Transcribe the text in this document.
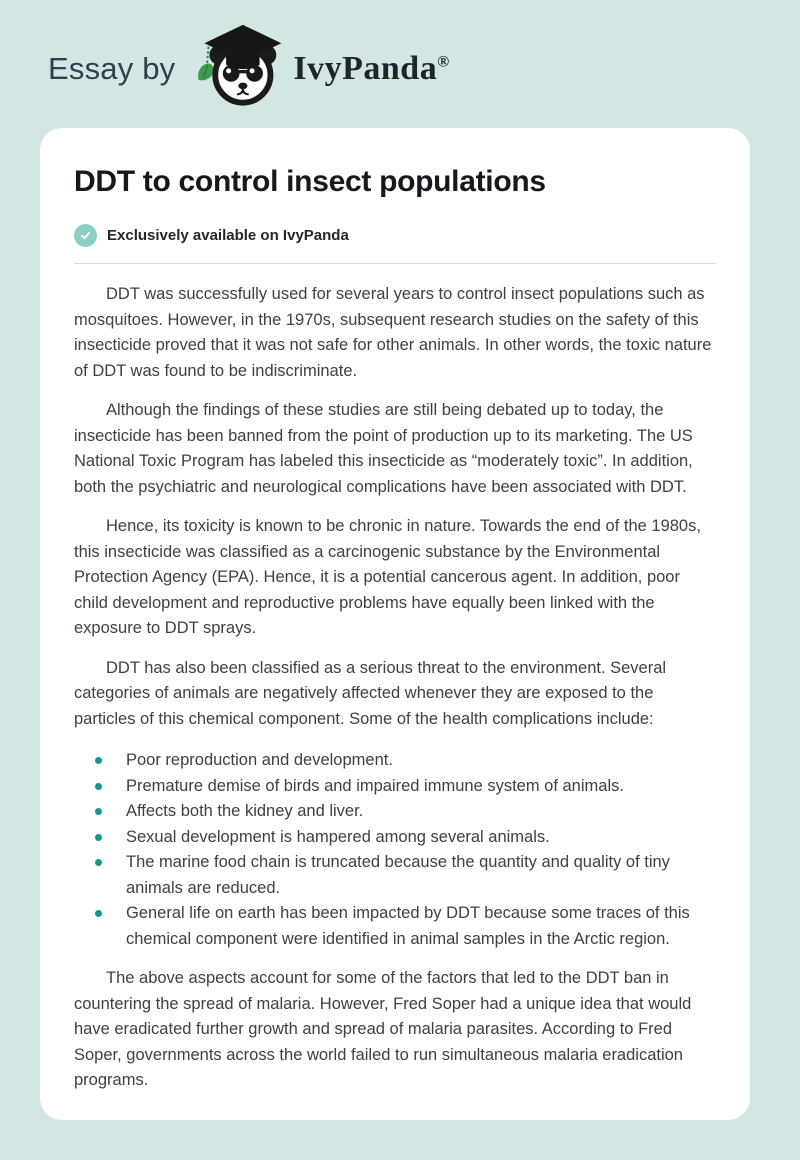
Essay by	IvyPanda®
DDT to control insect populations
Exclusively available on IvyPanda

DDT was successfully used for several years to control insect populations such as mosquitoes. However, in the 1970s, subsequent research studies on the safety of this insecticide proved that it was not safe for other animals. In other words, the toxic nature of DDT was found to be indiscriminate.

Although the findings of these studies are still being debated up to today, the insecticide has been banned from the point of production up to its marketing. The US National Toxic Program has labeled this insecticide as “moderately toxic”. In addition, both the psychiatric and neurological complications have been associated with DDT.

Hence, its toxicity is known to be chronic in nature. Towards the end of the 1980s, this insecticide was classified as a carcinogenic substance by the Environmental Protection Agency (EPA). Hence, it is a potential cancerous agent. In addition, poor child development and reproductive problems have equally been linked with the exposure to DDT sprays.

DDT has also been classified as a serious threat to the environment. Several categories of animals are negatively affected whenever they are exposed to the particles of this chemical component. Some of the health complications include:

Poor reproduction and development.
Premature demise of birds and impaired immune system of animals.
Affects both the kidney and liver.
Sexual development is hampered among several animals.
The marine food chain is truncated because the quantity and quality of tiny animals are reduced.
General life on earth has been impacted by DDT because some traces of this chemical component were identified in animal samples in the Arctic region.

The above aspects account for some of the factors that led to the DDT ban in countering the spread of malaria. However, Fred Soper had a unique idea that would have eradicated further growth and spread of malaria parasites. According to Fred Soper, governments across the world failed to run simultaneous malaria eradication programs.
